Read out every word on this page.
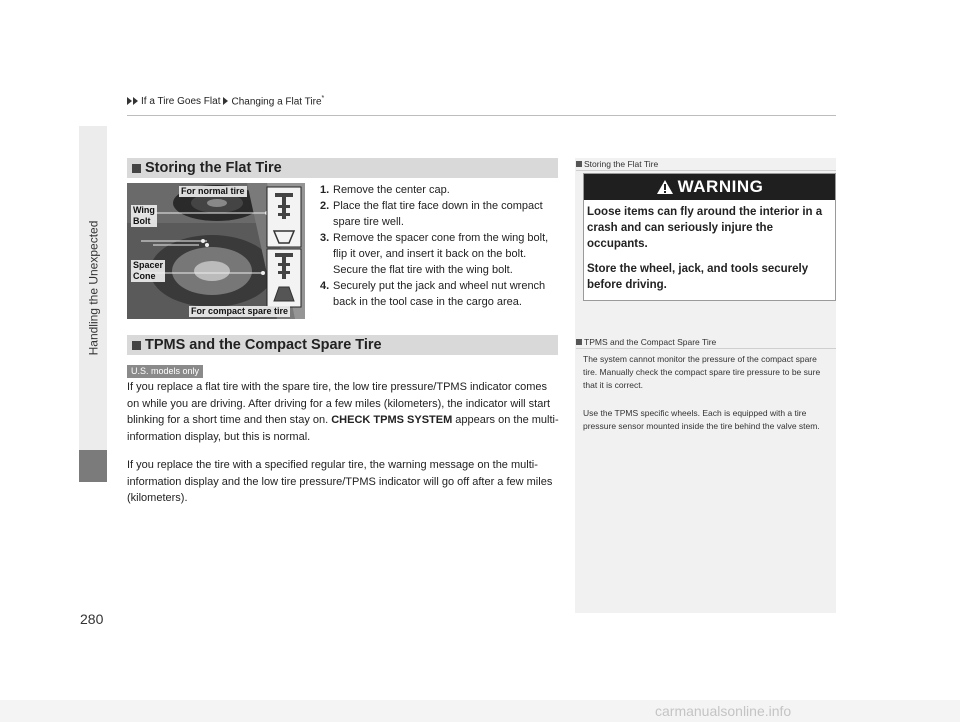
If a Tire Goes Flat Changing a Flat Tire*
Handling the Unexpected
280
Storing the Flat Tire
For normal tire
Wing
Bolt
Spacer
Cone
For compact spare tire
1. Remove the center cap.
2. Place the flat tire face down in the compact spare tire well.
3. Remove the spacer cone from the wing bolt, flip it over, and insert it back on the bolt. Secure the flat tire with the wing bolt.
4. Securely put the jack and wheel nut wrench back in the tool case in the cargo area.
TPMS and the Compact Spare Tire
U.S. models only
If you replace a flat tire with the spare tire, the low tire pressure/TPMS indicator comes on while you are driving. After driving for a few miles (kilometers), the indicator will start blinking for a short time and then stay on. CHECK TPMS SYSTEM appears on the multi-information display, but this is normal.
If you replace the tire with a specified regular tire, the warning message on the multi-information display and the low tire pressure/TPMS indicator will go off after a few miles (kilometers).
Storing the Flat Tire
WARNING
Loose items can fly around the interior in a crash and can seriously injure the occupants.
Store the wheel, jack, and tools securely before driving.
TPMS and the Compact Spare Tire
The system cannot monitor the pressure of the compact spare tire. Manually check the compact spare tire pressure to be sure that it is correct.
Use the TPMS specific wheels. Each is equipped with a tire pressure sensor mounted inside the tire behind the valve stem.
carmanualsonline.info
